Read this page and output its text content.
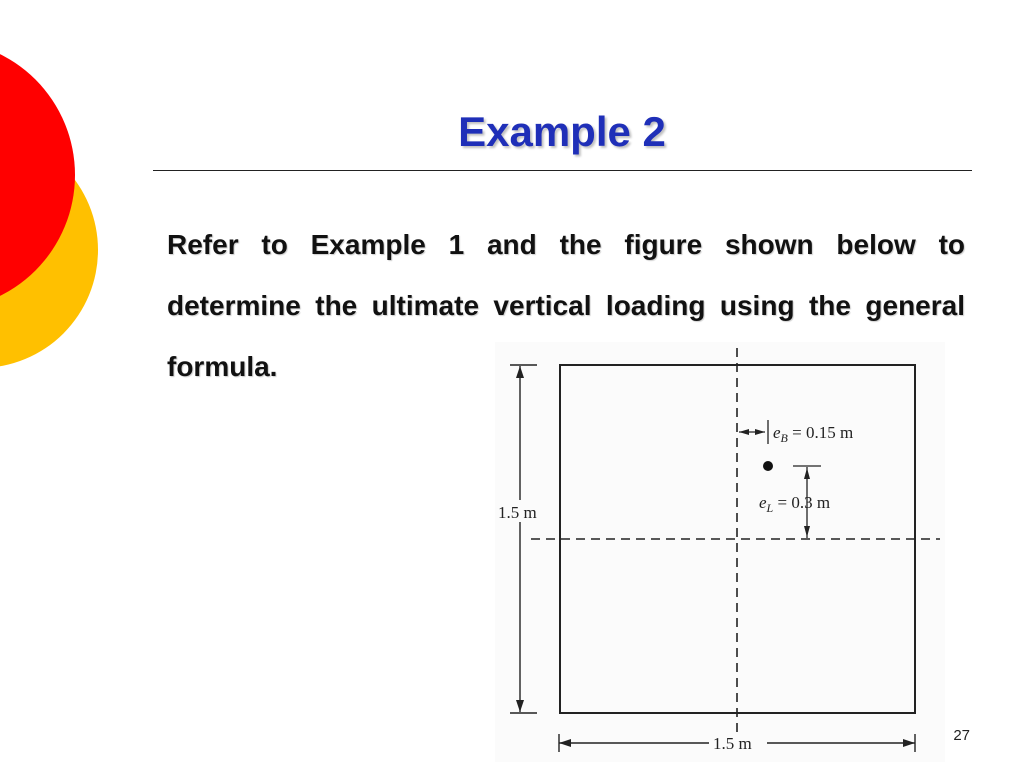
Example 2
Refer to Example 1 and the figure shown below to determine the ultimate vertical loading using the general formula.
1.5 m
1.5 m
$e_B = 0.15$ m
$e_L = 0.3$ m
27
